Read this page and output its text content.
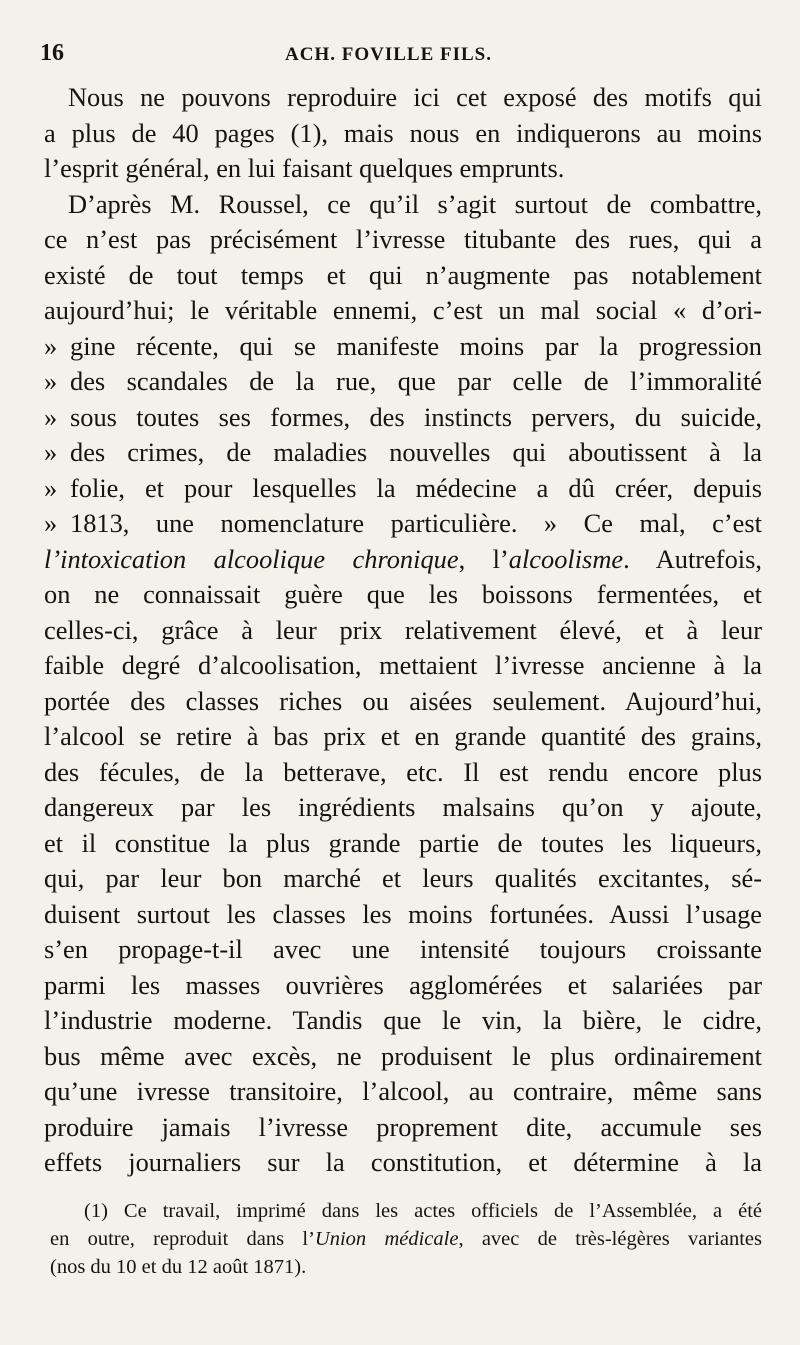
16	ACH. FOVILLE FILS.
Nous ne pouvons reproduire ici cet exposé des motifs qui
a plus de 40 pages (1), mais nous en indiquerons au moins
l’esprit général, en lui faisant quelques emprunts.
D’après M. Roussel, ce qu’il s’agit surtout de combattre,
ce n’est pas précisément l’ivresse titubante des rues, qui a
existé de tout temps et qui n’augmente pas notablement
aujourd’hui; le véritable ennemi, c’est un mal social « d’ori-
» gine récente, qui se manifeste moins par la progression
» des scandales de la rue, que par celle de l’immoralité
» sous toutes ses formes, des instincts pervers, du suicide,
» des crimes, de maladies nouvelles qui aboutissent à la
» folie, et pour lesquelles la médecine a dû créer, depuis
» 1813, une nomenclature particulière. » Ce mal, c’est
l’intoxication alcoolique chronique, l’alcoolisme. Autrefois,
on ne connaissait guère que les boissons fermentées, et
celles-ci, grâce à leur prix relativement élevé, et à leur
faible degré d’alcoolisation, mettaient l’ivresse ancienne à la
portée des classes riches ou aisées seulement. Aujourd’hui,
l’alcool se retire à bas prix et en grande quantité des grains,
des fécules, de la betterave, etc. Il est rendu encore plus
dangereux par les ingrédients malsains qu’on y ajoute,
et il constitue la plus grande partie de toutes les liqueurs,
qui, par leur bon marché et leurs qualités excitantes, sé-
duisent surtout les classes les moins fortunées. Aussi l’usage
s’en propage-t-il avec une intensité toujours croissante
parmi les masses ouvrières agglomérées et salariées par
l’industrie moderne. Tandis que le vin, la bière, le cidre,
bus même avec excès, ne produisent le plus ordinairement
qu’une ivresse transitoire, l’alcool, au contraire, même sans
produire jamais l’ivresse proprement dite, accumule ses
effets journaliers sur la constitution, et détermine à la
(1) Ce travail, imprimé dans les actes officiels de l’Assemblée, a été
en outre, reproduit dans l’Union médicale, avec de très-légères variantes
(nos du 10 et du 12 août 1871).
